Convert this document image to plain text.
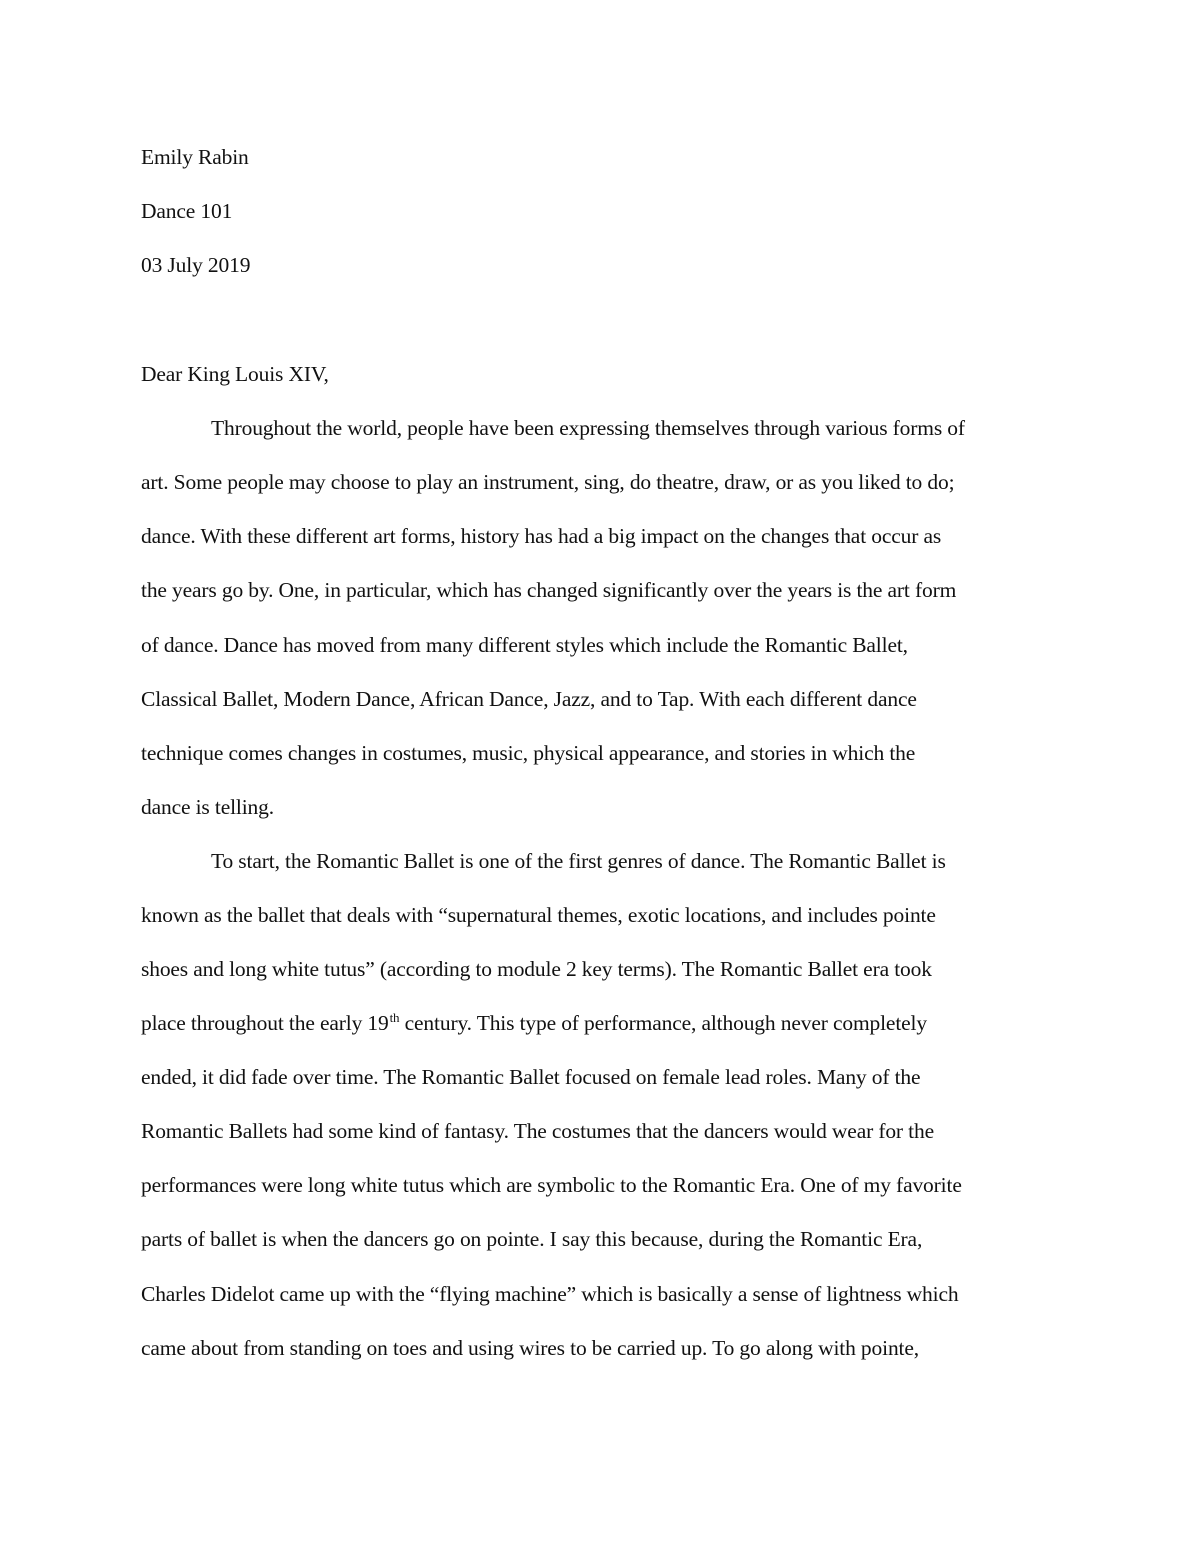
Emily Rabin
Dance 101
03 July 2019
Dear King Louis XIV,
Throughout the world, people have been expressing themselves through various forms of
art. Some people may choose to play an instrument, sing, do theatre, draw, or as you liked to do;
dance. With these different art forms, history has had a big impact on the changes that occur as
the years go by. One, in particular, which has changed significantly over the years is the art form
of dance. Dance has moved from many different styles which include the Romantic Ballet,
Classical Ballet, Modern Dance, African Dance, Jazz, and to Tap. With each different dance
technique comes changes in costumes, music, physical appearance, and stories in which the
dance is telling.
To start, the Romantic Ballet is one of the first genres of dance. The Romantic Ballet is
known as the ballet that deals with “supernatural themes, exotic locations, and includes pointe
shoes and long white tutus” (according to module 2 key terms). The Romantic Ballet era took
place throughout the early 19th century. This type of performance, although never completely
ended, it did fade over time. The Romantic Ballet focused on female lead roles. Many of the
Romantic Ballets had some kind of fantasy. The costumes that the dancers would wear for the
performances were long white tutus which are symbolic to the Romantic Era. One of my favorite
parts of ballet is when the dancers go on pointe. I say this because, during the Romantic Era,
Charles Didelot came up with the “flying machine” which is basically a sense of lightness which
came about from standing on toes and using wires to be carried up. To go along with pointe,
